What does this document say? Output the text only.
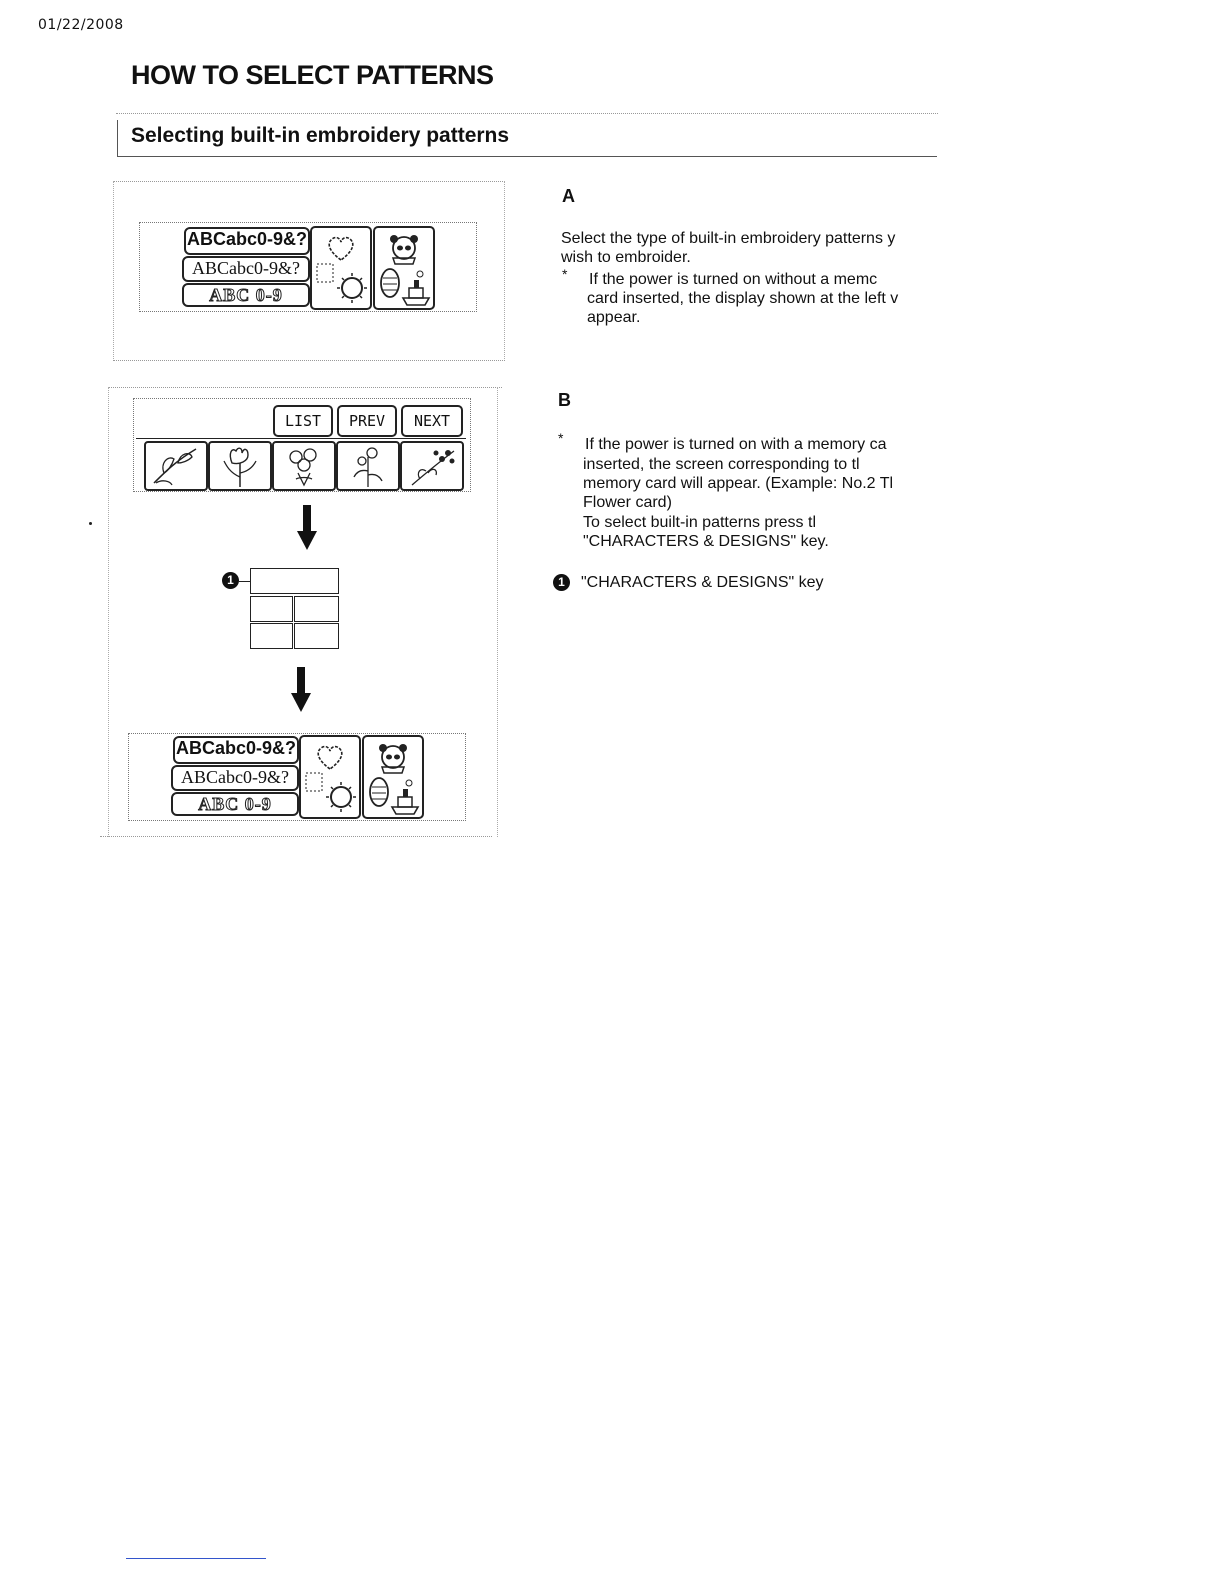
01/22/2008
HOW TO SELECT PATTERNS
Selecting built-in embroidery patterns
ABCabc0-9&?
ABCabc0-9&?
ABC 0-9
LIST	PREV	NEXT
1
ABCabc0-9&?
ABCabc0-9&?
ABC 0-9
A
Select the type of built-in embroidery patterns y
wish to embroider.
* If the power is turned on without a memc
card inserted, the display shown at the left v
appear.
B
* If the power is turned on with a memory ca
inserted, the screen corresponding to tl
memory card will appear. (Example: No.2 Tl
Flower card)
To select built-in patterns press tl
"CHARACTERS & DESIGNS" key.
1	"CHARACTERS & DESIGNS" key
